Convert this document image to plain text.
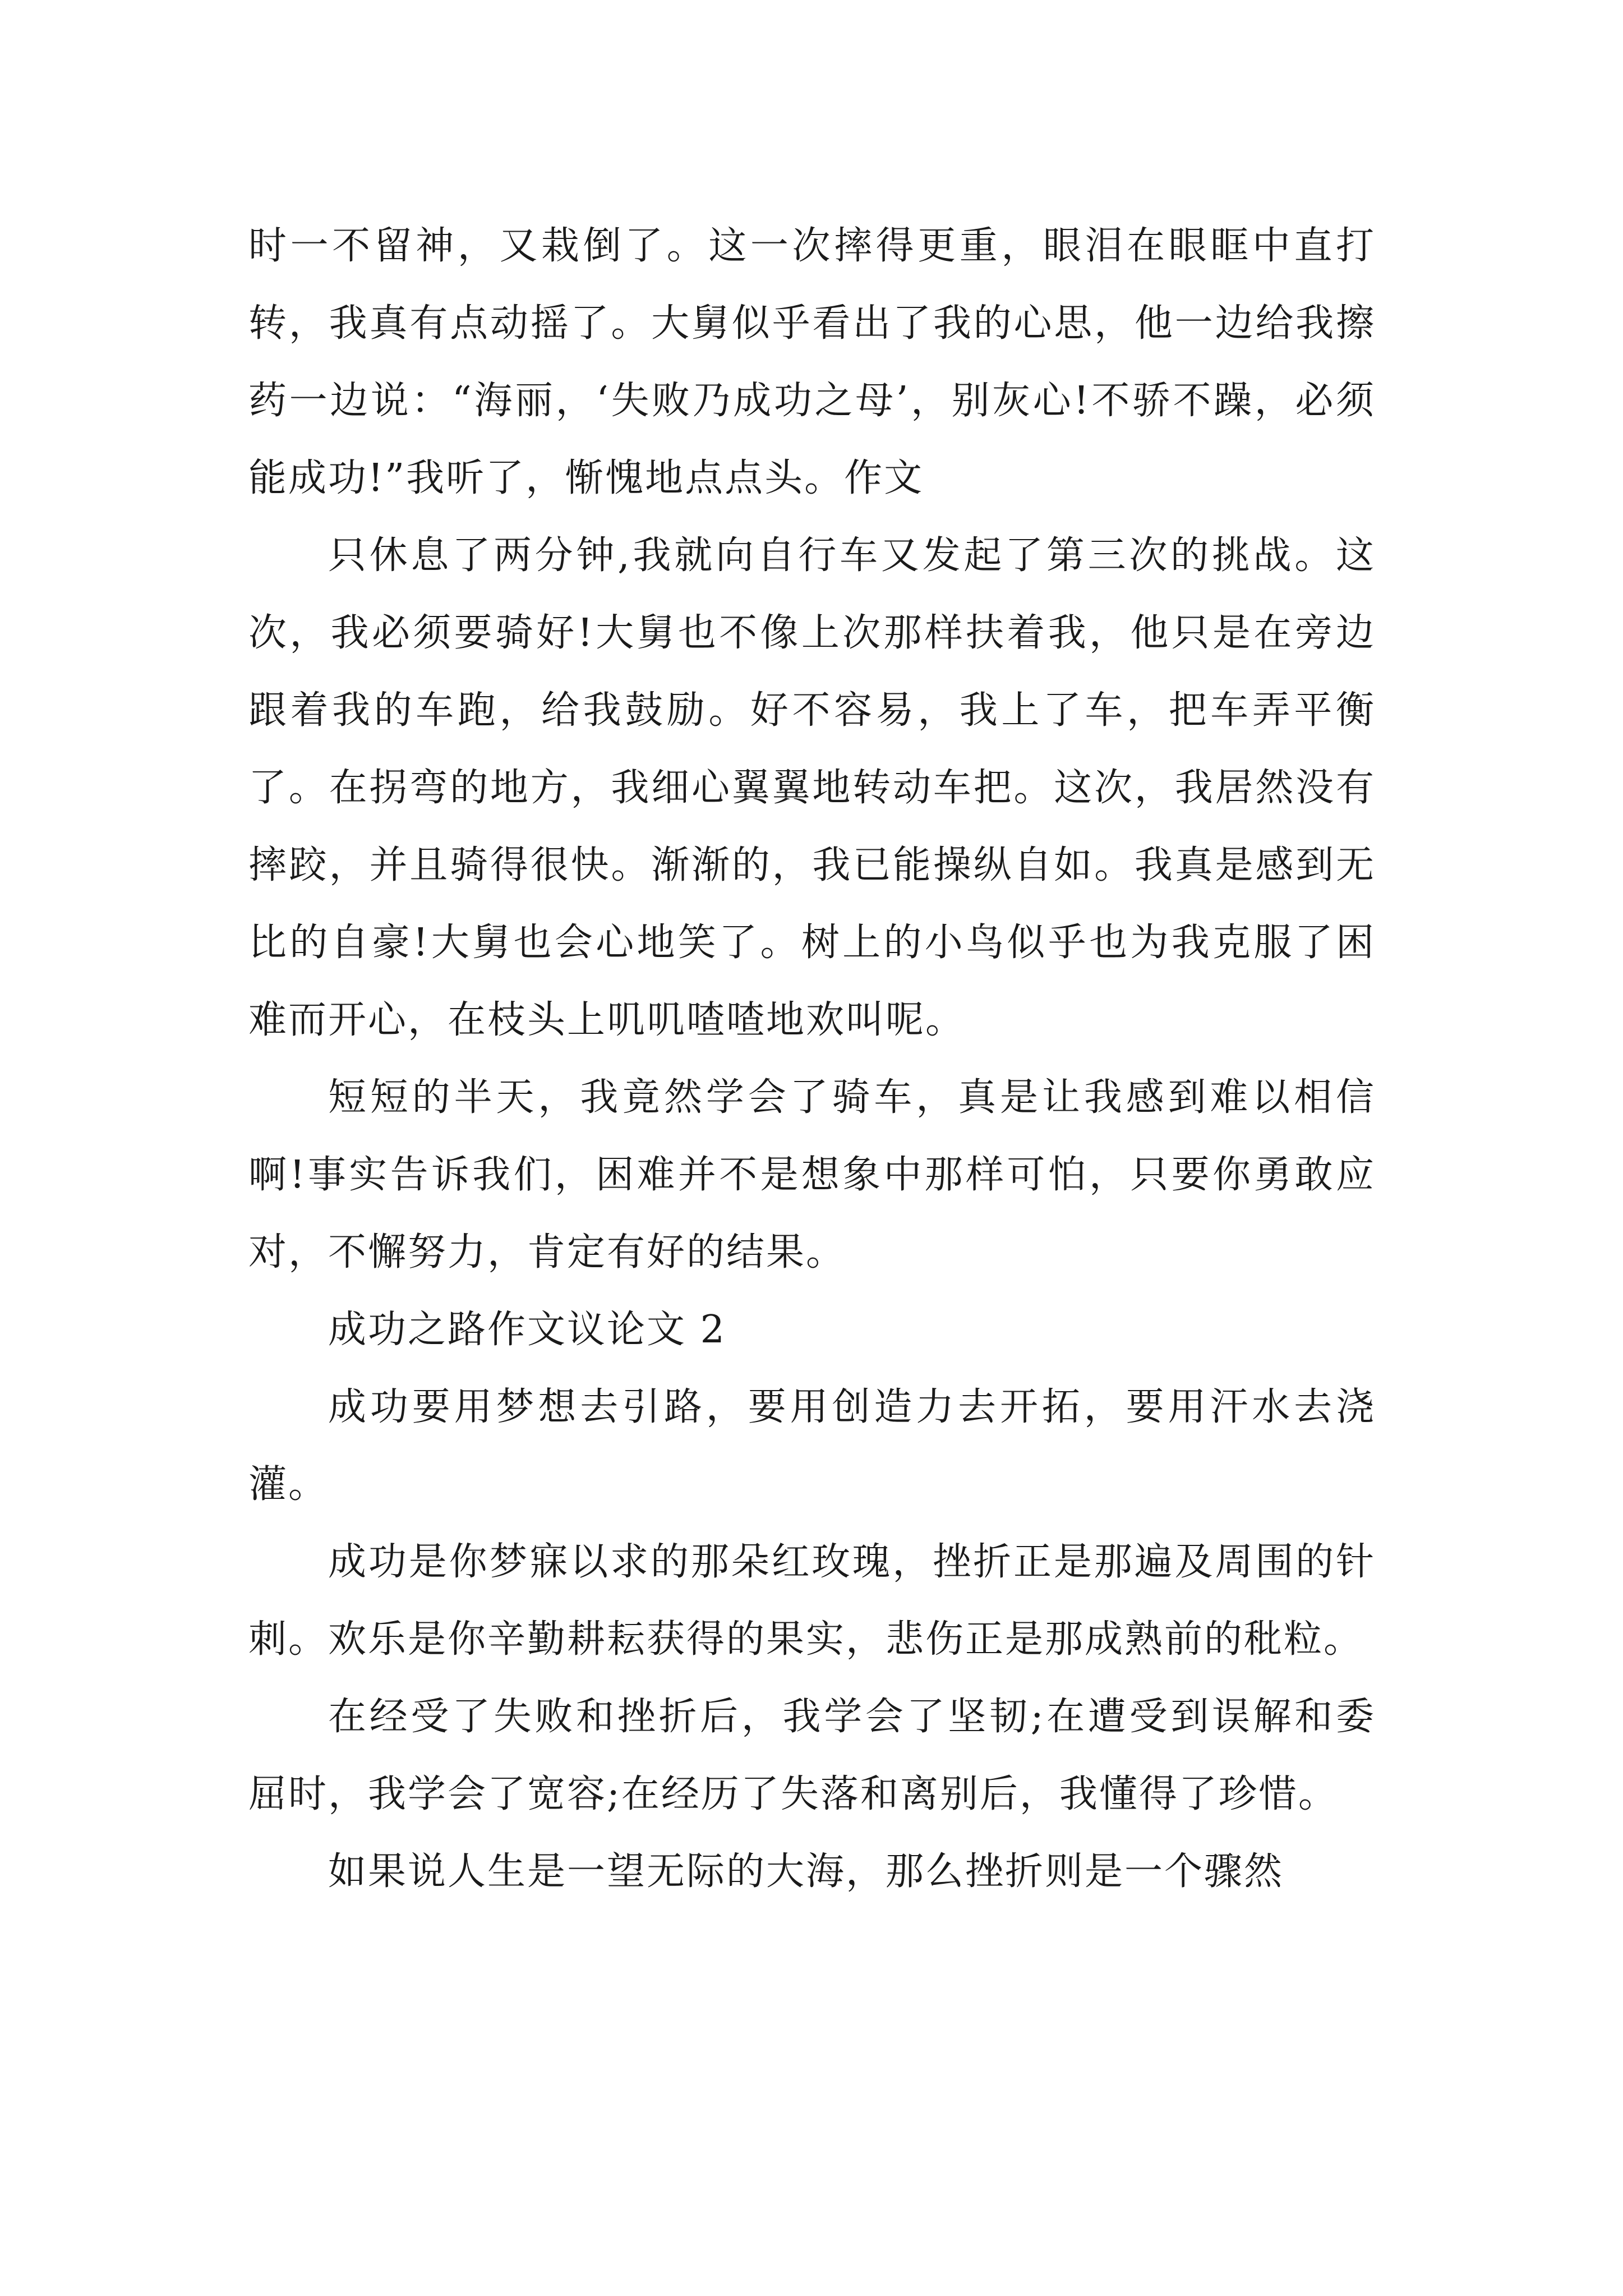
时一不留神，又栽倒了。这一次摔得更重，眼泪在眼眶中直打转，我真有点动摇了。大舅似乎看出了我的心思，他一边给我擦药一边说：“海丽，‘失败乃成功之母’，别灰心!不骄不躁，必须能成功!”我听了，惭愧地点点头。作文

只休息了两分钟,我就向自行车又发起了第三次的挑战。这次，我必须要骑好!大舅也不像上次那样扶着我，他只是在旁边跟着我的车跑，给我鼓励。好不容易，我上了车，把车弄平衡了。在拐弯的地方，我细心翼翼地转动车把。这次，我居然没有摔跤，并且骑得很快。渐渐的，我已能操纵自如。我真是感到无比的自豪!大舅也会心地笑了。树上的小鸟似乎也为我克服了困难而开心，在枝头上叽叽喳喳地欢叫呢。

短短的半天，我竟然学会了骑车，真是让我感到难以相信啊!事实告诉我们，困难并不是想象中那样可怕，只要你勇敢应对，不懈努力，肯定有好的结果。

成功之路作文议论文 2

成功要用梦想去引路，要用创造力去开拓，要用汗水去浇灌。

成功是你梦寐以求的那朵红玫瑰，挫折正是那遍及周围的针刺。欢乐是你辛勤耕耘获得的果实，悲伤正是那成熟前的秕粒。

在经受了失败和挫折后，我学会了坚韧;在遭受到误解和委屈时，我学会了宽容;在经历了失落和离别后，我懂得了珍惜。

如果说人生是一望无际的大海，那么挫折则是一个骤然
